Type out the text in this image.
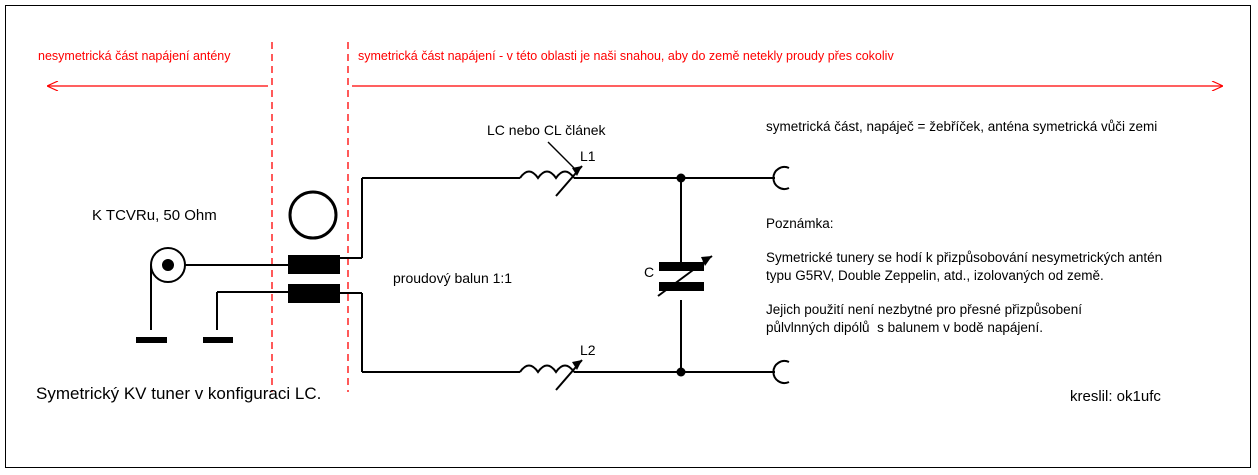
nesymetrická část napájení antény	symetrická část napájení - v této oblasti je naši snahou, aby do země netekly proudy přes cokoliv
K TCVRu, 50 Ohm
proudový balun 1:1
LC nebo CL článek
L1
L2
C
symetrická část, napáječ = žebříček, anténa symetrická vůči zemi
Poznámka:
Symetrické tunery se hodí k přizpůsobování nesymetrických antén
typu G5RV, Double Zeppelin, atd., izolovaných od země.
Jejich použití není nezbytné pro přesné přizpůsobení
půlvlnných dipólů  s balunem v bodě napájení.
Symetrický KV tuner v konfiguraci LC.	kreslil: ok1ufc
